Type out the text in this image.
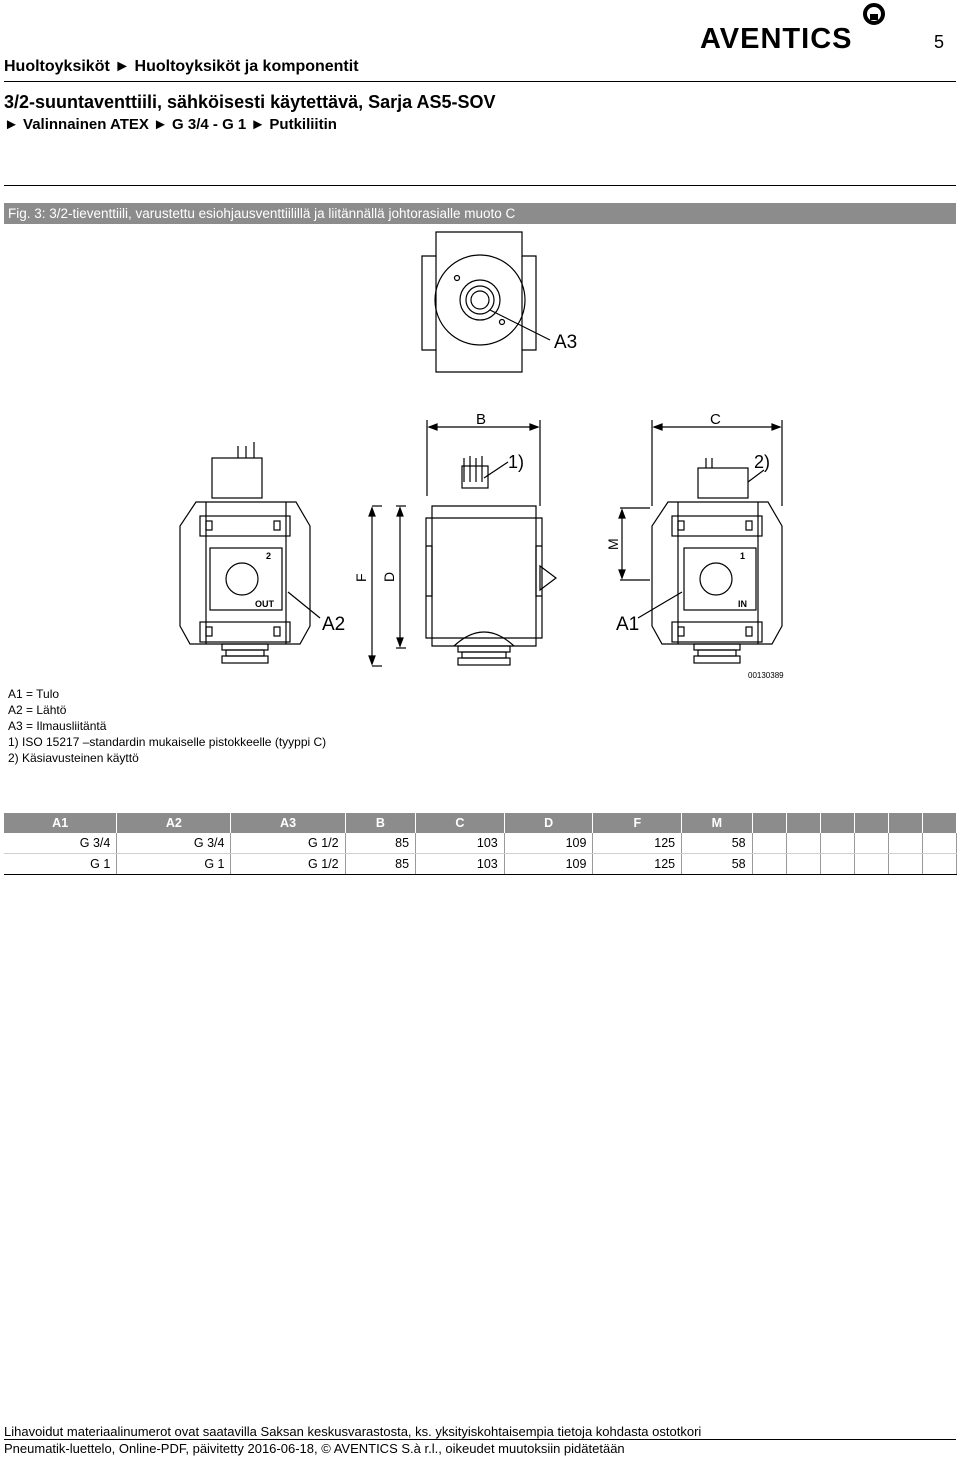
Huoltoyksiköt ► Huoltoyksiköt ja komponentit
AVENTICS	5
3/2-suuntaventtiili, sähköisesti käytettävä, Sarja AS5-SOV
► Valinnainen ATEX ► G 3/4 - G 1 ► Putkiliitin
Fig. 3: 3/2-tieventtiili, varustettu esiohjausventtiilillä ja liitännällä johtorasialle muoto C
A3
B	C
1)	2)
F D
M
A2	A1
2
OUT
1
IN
00130389
A1 = Tulo
A2 = Lähtö
A3 = Ilmausliitäntä
1) ISO 15217 –standardin mukaiselle pistokkeelle (tyyppi C)
2) Käsiavusteinen käyttö
A1	A2	A3	B	C	D	F	M						
G 3/4	G 3/4	G 1/2	85	103	109	125	58						
G 1	G 1	G 1/2	85	103	109	125	58						
Lihavoidut materiaalinumerot ovat saatavilla Saksan keskusvarastosta, ks. yksityiskohtaisempia tietoja kohdasta ostotkori
Pneumatik-luettelo, Online-PDF, päivitetty 2016-06-18, © AVENTICS S.à r.l., oikeudet muutoksiin pidätetään
